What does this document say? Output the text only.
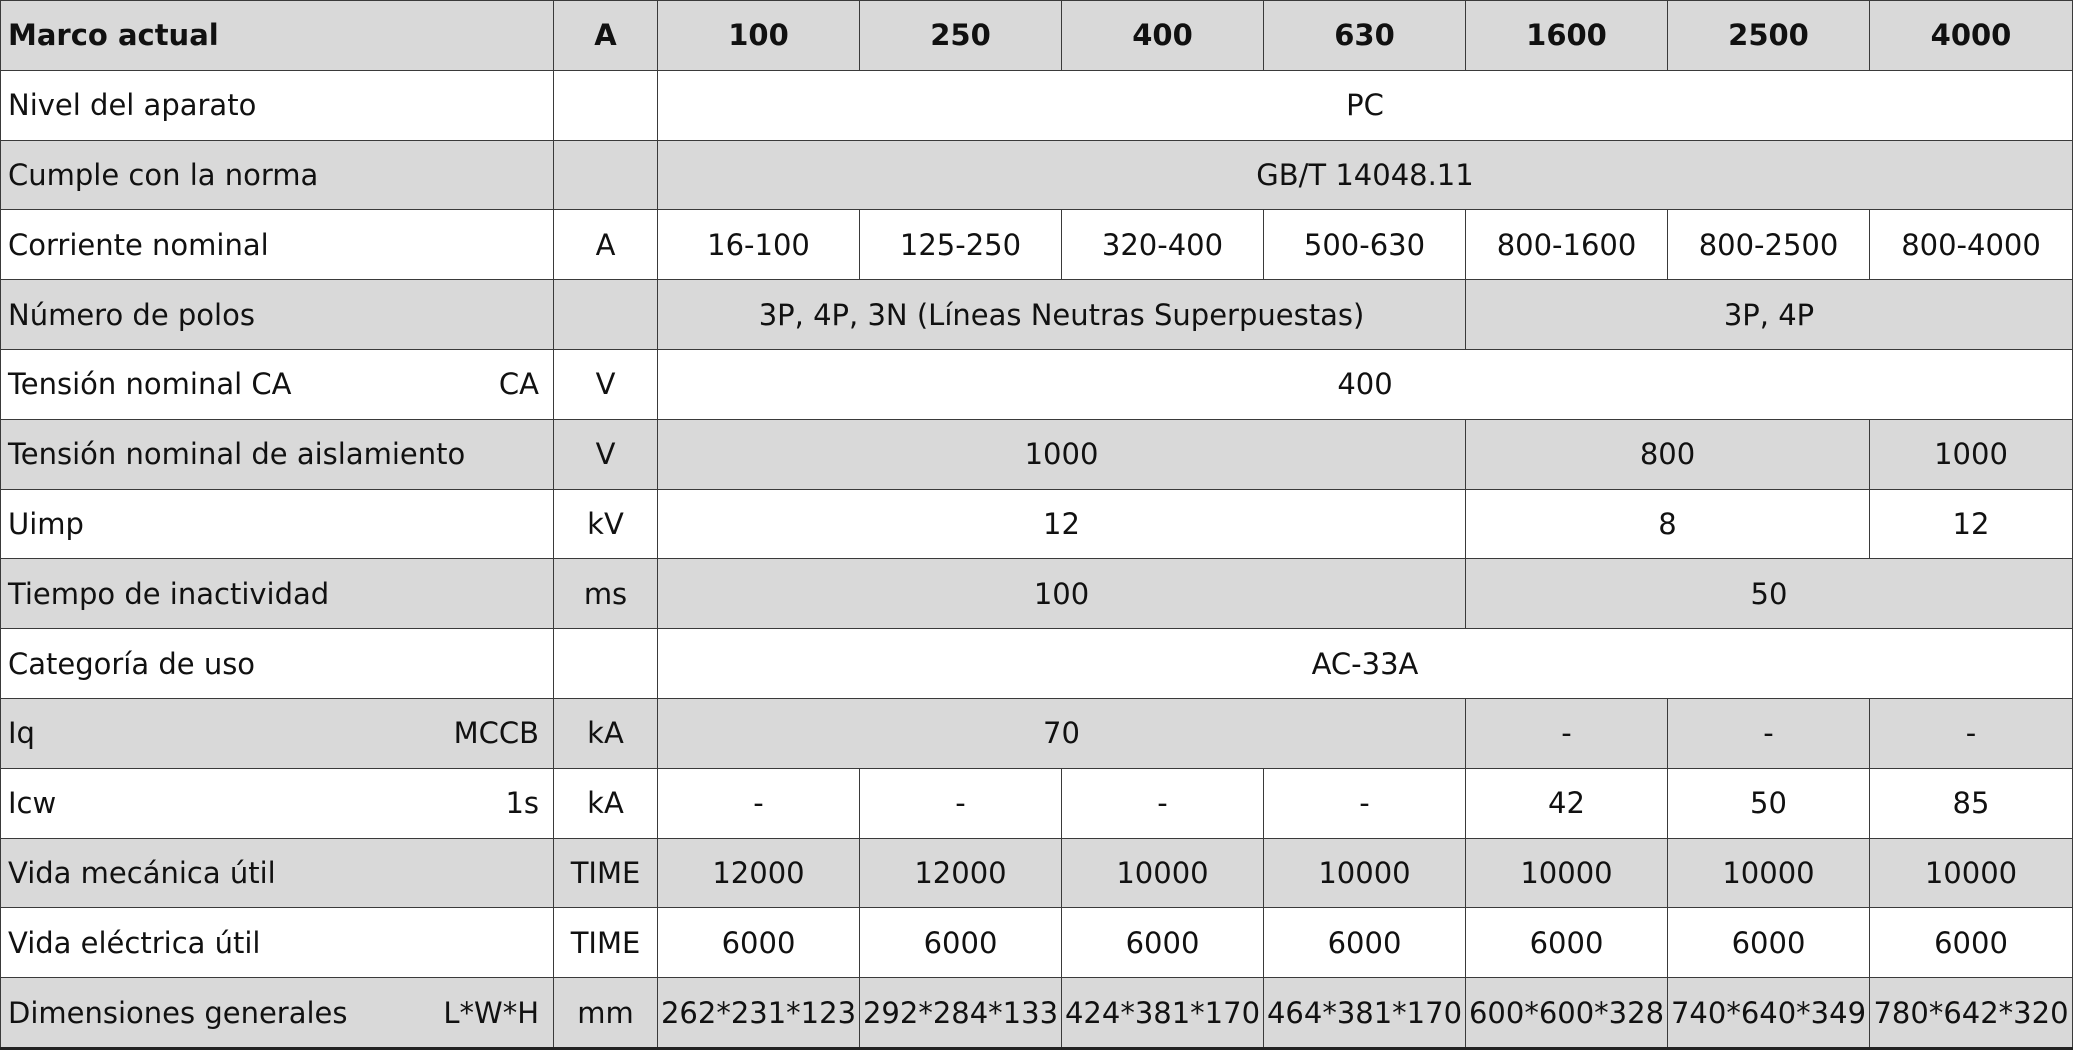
Marco actual	A	100	250	400	630	1600	2500	4000
Nivel del aparato		PC						
Cumple con la norma		GB/T 14048.11						
Corriente nominal	A	16-100	125-250	320-400	500-630	800-1600	800-2500	800-4000
Número de polos		3P, 4P, 3N (Líneas Neutras Superpuestas)				3P, 4P		

Tensión nominal CA CA	V	400						
Tensión nominal de aislamiento	V	1000				800		1000
Uimp	kV	12				8		12
Tiempo de inactividad	ms	100				50		
Categoría de uso		AC-33A						

Iq MCCB	kA	70				-	-	-

Icw 1s	kA	-	-	-	-	42	50	85
Vida mecánica útil	TIME	12000	12000	10000	10000	10000	10000	10000
Vida eléctrica útil	TIME	6000	6000	6000	6000	6000	6000	6000

Dimensiones generales L*W*H	mm	262*231*123	292*284*133	424*381*170	464*381*170	600*600*328	740*640*349	780*642*320
